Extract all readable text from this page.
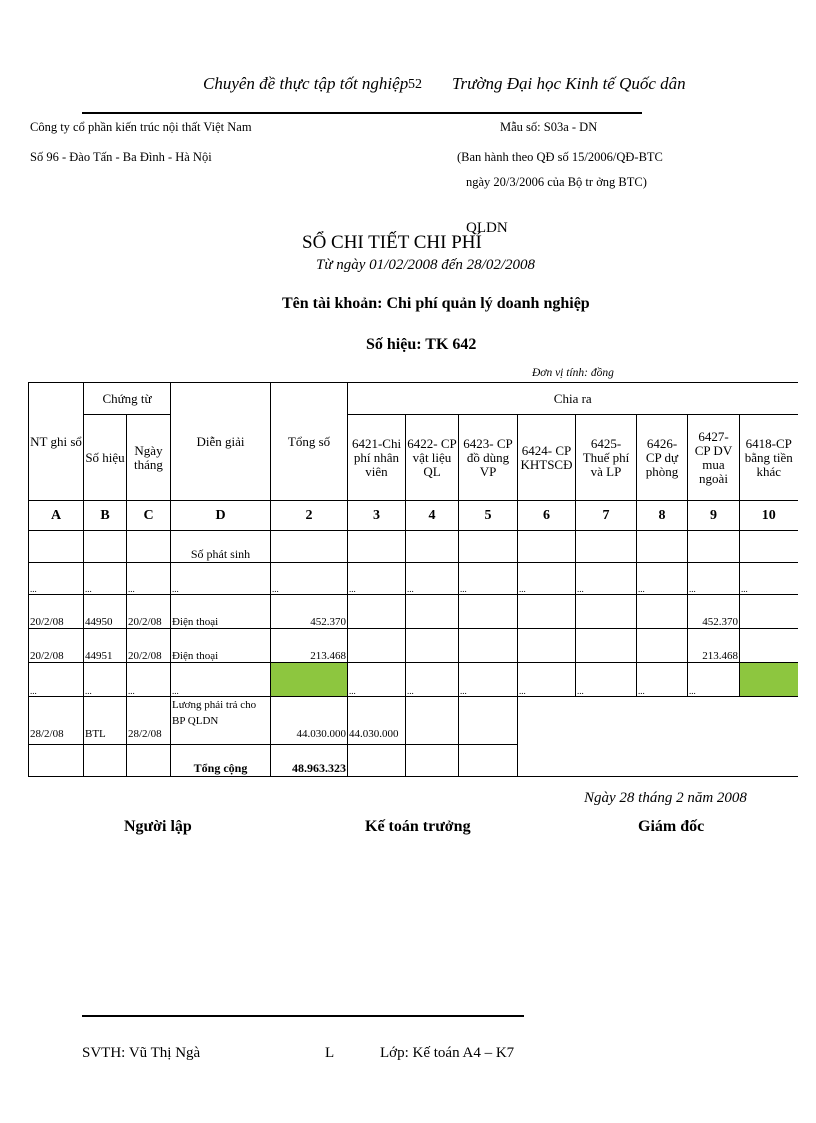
Chuyên đề thực tập tốt nghiệp 52 Trường Đại học Kinh tế Quốc dân
Công ty cổ phần kiến trúc nội thất Việt Nam
Số 96 - Đào Tấn - Ba Đình - Hà Nội
Mẫu số: S03a - DN
(Ban hành theo QĐ số 15/2006/QĐ-BTC
ngày 20/3/2006 của Bộ tr ởng BTC)
SỔ CHI TIẾT CHI PHÍ
QLDN
Từ ngày 01/02/2008 đến 28/02/2008
Tên tài khoản: Chi phí quản lý doanh nghiệp
Số hiệu: TK 642
Đơn vị tính: đồng
NT ghi sổ	Chứng từ		Diễn giải	Tổng số	Chia ra							
	Số hiệu	Ngày tháng			6421-Chi phí nhân viên	6422- CP vật liệu QL	6423- CP đồ dùng VP	6424- CP KHTSCĐ	6425- Thuế phí và LP	6426- CP dự phòng	6427- CP DV mua ngoài	6418-CP bằng tiền khác
A	B	C	D	2	3	4	5	6	7	8	9	10
			Số phát sinh									
...	...	...	...	...	...	...	...	...	...	...	...	...
20/2/08	44950	20/2/08	Điện thoại	452.370							452.370	
20/2/08	44951	20/2/08	Điện thoại	213.468							213.468	
...	...	...	...		...	...	...	...	...	...	...	
28/2/08	BTL	28/2/08	Lương phải trả cho BP QLDN	44.030.000	44.030.000							
			Tổng cộng	48.963.323								
Ngày 28 tháng 2 năm 2008
Người lập	Kế toán trưởng	Giám đốc
SVTH: Vũ Thị Ngà	L	Lớp: Kế toán A4 – K7
